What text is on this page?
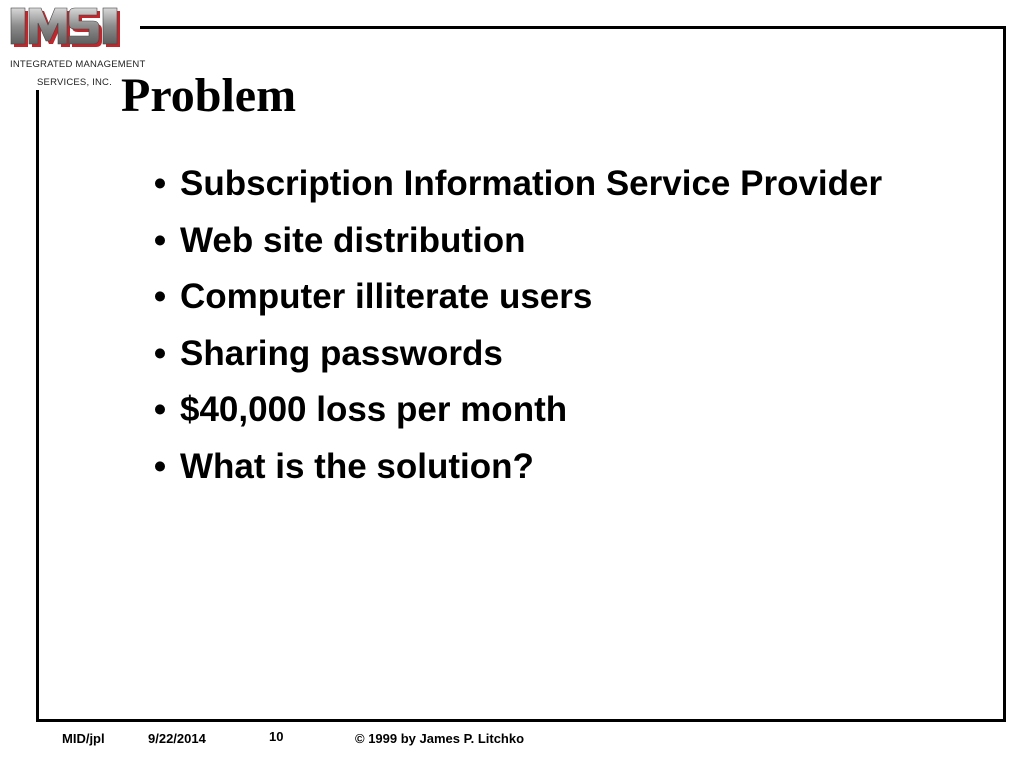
INTEGRATED MANAGEMENT
SERVICES, INC. Problem
• Subscription Information Service Provider
• Web site distribution
• Computer illiterate users
• Sharing passwords
• $40,000 loss per month
• What is the solution?
MID/jpl	9/22/2014	10	© 1999 by James P. Litchko
